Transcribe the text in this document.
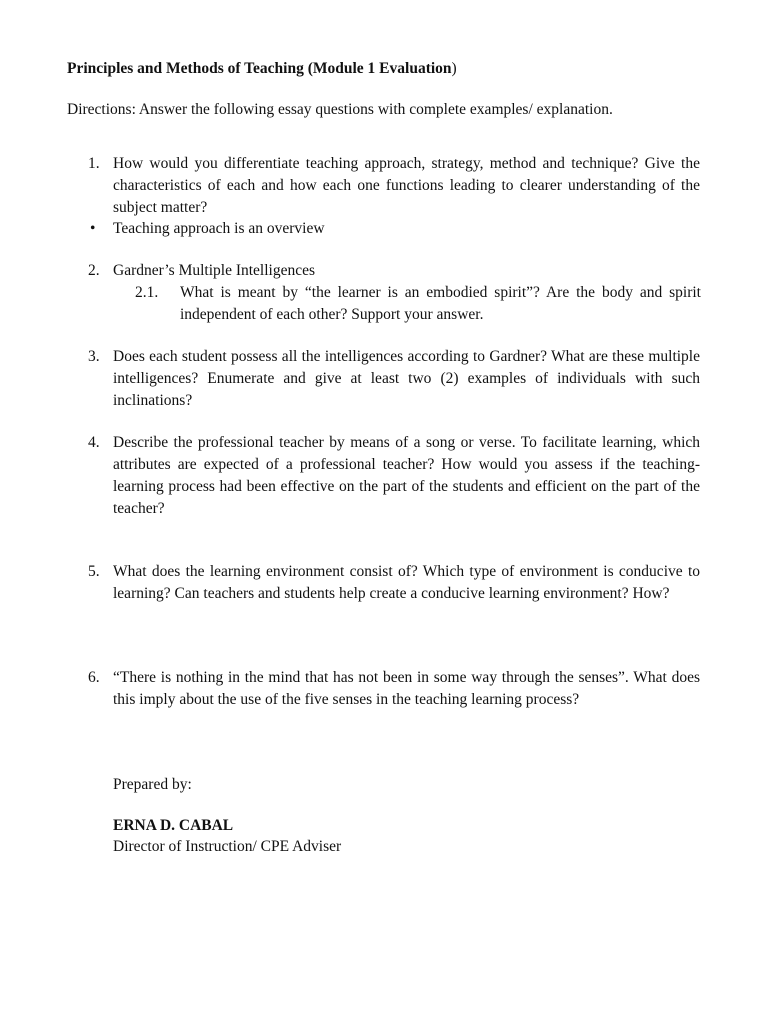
Principles and Methods of Teaching (Module 1 Evaluation)
Directions: Answer the following essay questions with complete examples/ explanation.
1. How would you differentiate teaching approach, strategy, method and technique? Give the characteristics of each and how each one functions leading to clearer understanding of the subject matter?
• Teaching approach is an overview
2. Gardner’s Multiple Intelligences
2.1. What is meant by “the learner is an embodied spirit”? Are the body and spirit independent of each other? Support your answer.
3. Does each student possess all the intelligences according to Gardner? What are these multiple intelligences? Enumerate and give at least two (2) examples of individuals with such inclinations?
4. Describe the professional teacher by means of a song or verse. To facilitate learning, which attributes are expected of a professional teacher? How would you assess if the teaching- learning process had been effective on the part of the students and efficient on the part of the teacher?
5. What does the learning environment consist of? Which type of environment is conducive to learning? Can teachers and students help create a conducive learning environment? How?
6. “There is nothing in the mind that has not been in some way through the senses”. What does this imply about the use of the five senses in the teaching learning process?
Prepared by:
ERNA D. CABAL
Director of Instruction/ CPE Adviser
